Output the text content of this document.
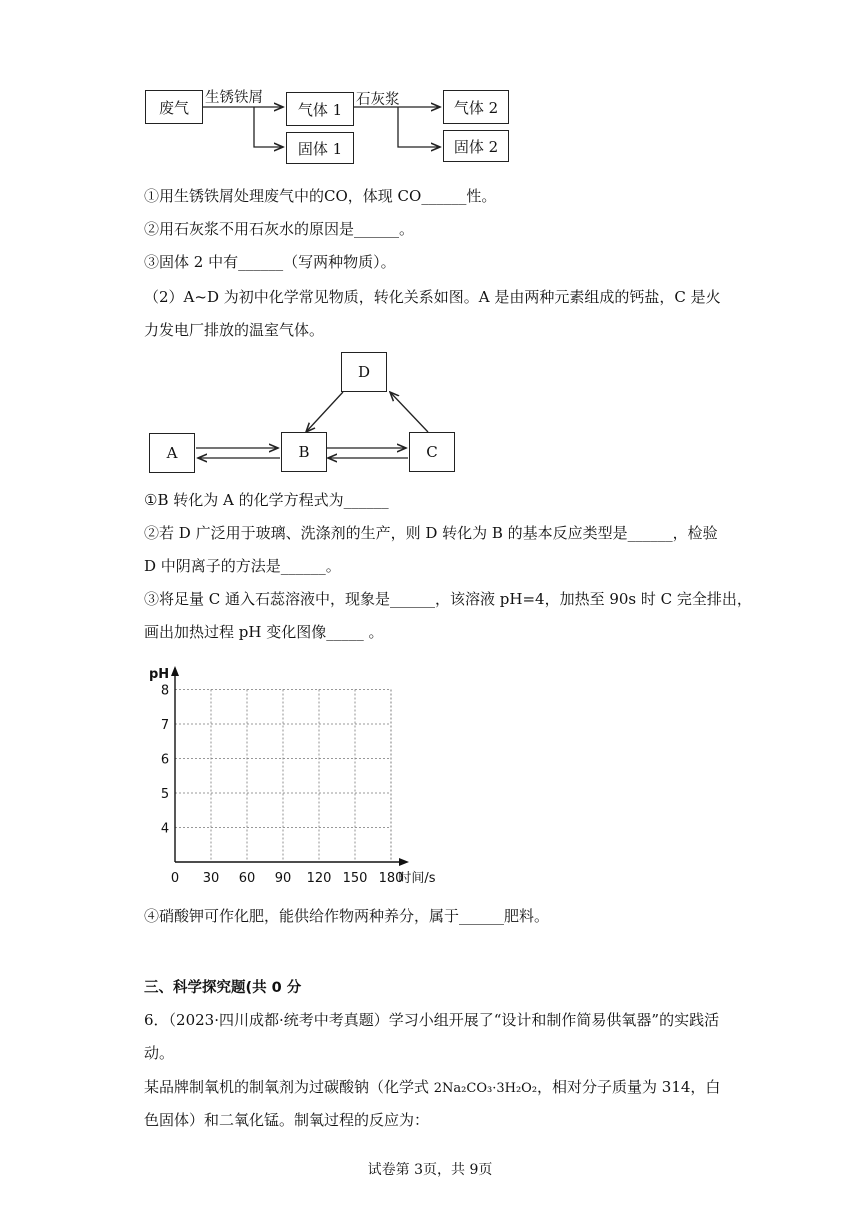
废气
生锈铁屑
气体 1
固体 1
石灰浆	气体 2
固体 2
①用生锈铁屑处理废气中的CO，体现 CO______性。
②用石灰浆不用石灰水的原因是______。
③固体 2 中有______（写两种物质）。
（2）A~D 为初中化学常见物质，转化关系如图。A 是由两种元素组成的钙盐，C 是火
力发电厂排放的温室气体。
D
A	B	C
①B 转化为 A 的化学方程式为______
②若 D 广泛用于玻璃、洗涤剂的生产，则 D 转化为 B 的基本反应类型是______，检验
D 中阴离子的方法是______。
③将足量 C 通入石蕊溶液中，现象是______，该溶液 pH=4，加热至 90s 时 C 完全排出，
画出加热过程 pH 变化图像_____ 。
pH
4
5
6
7
8
0 30 60 90 120 150 180
时间/s
④硝酸钾可作化肥，能供给作物两种养分，属于______肥料。
三、科学探究题(共 0 分
6．（2023·四川成都·统考中考真题）学习小组开展了“设计和制作简易供氧器”的实践活
动。
某品牌制氧机的制氧剂为过碳酸钠（化学式 2Na₂CO₃·3H₂O₂，相对分子质量为 314，白
色固体）和二氧化锰。制氧过程的反应为：
试卷第 3页，共 9页
